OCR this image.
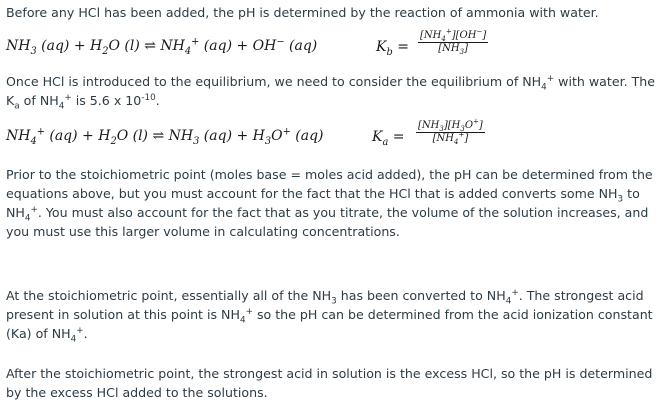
Before any HCl has been added, the pH is determined by the reaction of ammonia with water.

$NH_3$ $(aq) + H_2O$ (l) ⇌ $NH_4^+$ (aq) + OH− (aq)	$K_b = \frac{[NH_4^+][OH^-]}{[NH_3]}$

Once HCl is introduced to the equilibrium, we need to consider the equilibrium of $NH_4^+$ with water. The $K_a$ of $NH_4^+$ is 5.6 x $10^{-10}$.

$NH_4^+$ $(aq) + H_2O$ (l) ⇌ $NH_3$ $(aq) + H_3O^+$ (aq)	$K_a = \frac{[NH_3][H_3O^+]}{[NH_4^+]}$

Prior to the stoichiometric point (moles base = moles acid added), the pH can be determined from the equations above, but you must account for the fact that the HCl that is added converts some $NH_3$ to $NH_4^+$. You must also account for the fact that as you titrate, the volume of the solution increases, and you must use this larger volume in calculating concentrations.

At the stoichiometric point, essentially all of the $NH_3$ has been converted to $NH_4^+$. The strongest acid present in solution at this point is $NH_4^+$ so the pH can be determined from the acid ionization constant (Ka) of $NH_4^+$.

After the stoichiometric point, the strongest acid in solution is the excess HCl, so the pH is determined by the excess HCl added to the solutions.
